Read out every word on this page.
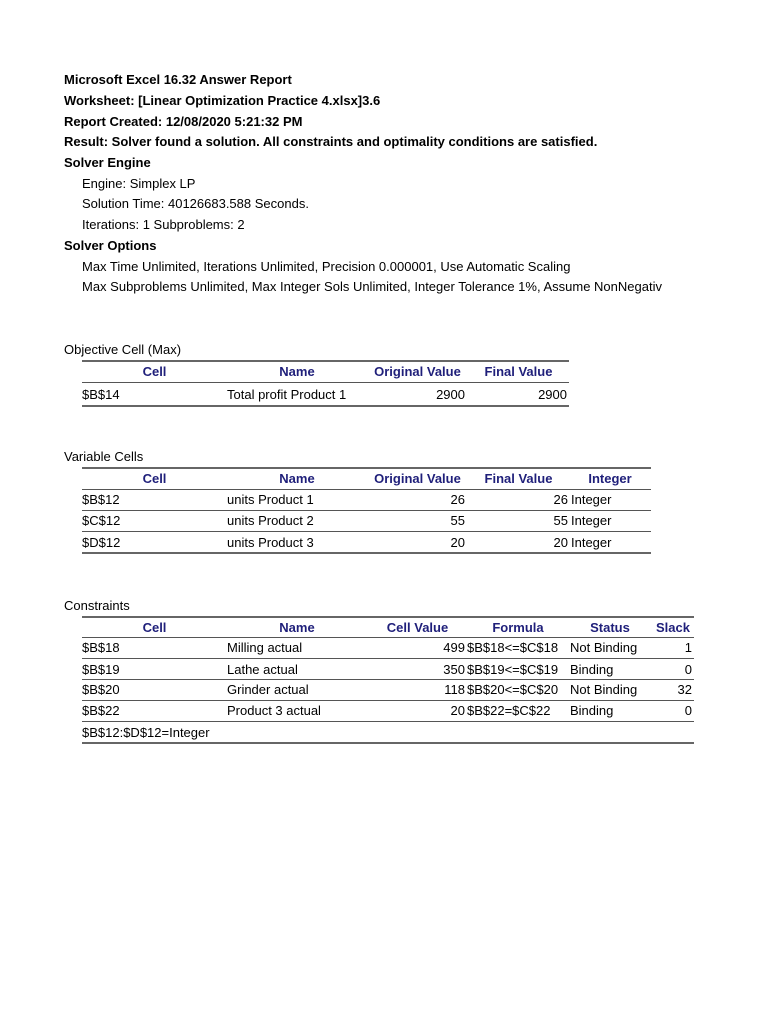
Microsoft Excel 16.32 Answer Report
Worksheet: [Linear Optimization Practice 4.xlsx]3.6
Report Created: 12/08/2020 5:21:32 PM
Result: Solver found a solution. All constraints and optimality conditions are satisfied.
Solver Engine
Engine: Simplex LP
Solution Time: 40126683.588 Seconds.
Iterations: 1 Subproblems: 2
Solver Options
Max Time Unlimited, Iterations Unlimited, Precision 0.000001, Use Automatic Scaling
Max Subproblems Unlimited, Max Integer Sols Unlimited, Integer Tolerance 1%, Assume NonNegativ
Objective Cell (Max)
Cell	Name	Original Value	Final Value
$B$14	Total profit Product 1	2900	2900
Variable Cells
Cell	Name	Original Value	Final Value	Integer
$B$12	units Product 1	26	26 Integer
$C$12	units Product 2	55	55 Integer
$D$12	units Product 3	20	20 Integer
Constraints
Cell	Name	Cell Value	Formula	Status	Slack
$B$18	Milling actual	499 $B$18<=$C$18 Not Binding	1
$B$19	Lathe actual	350 $B$19<=$C$19 Binding	0
$B$20	Grinder actual	118 $B$20<=$C$20 Not Binding	32
$B$22	Product 3 actual	20 $B$22=$C$22 Binding	0
$B$12:$D$12=Integer
